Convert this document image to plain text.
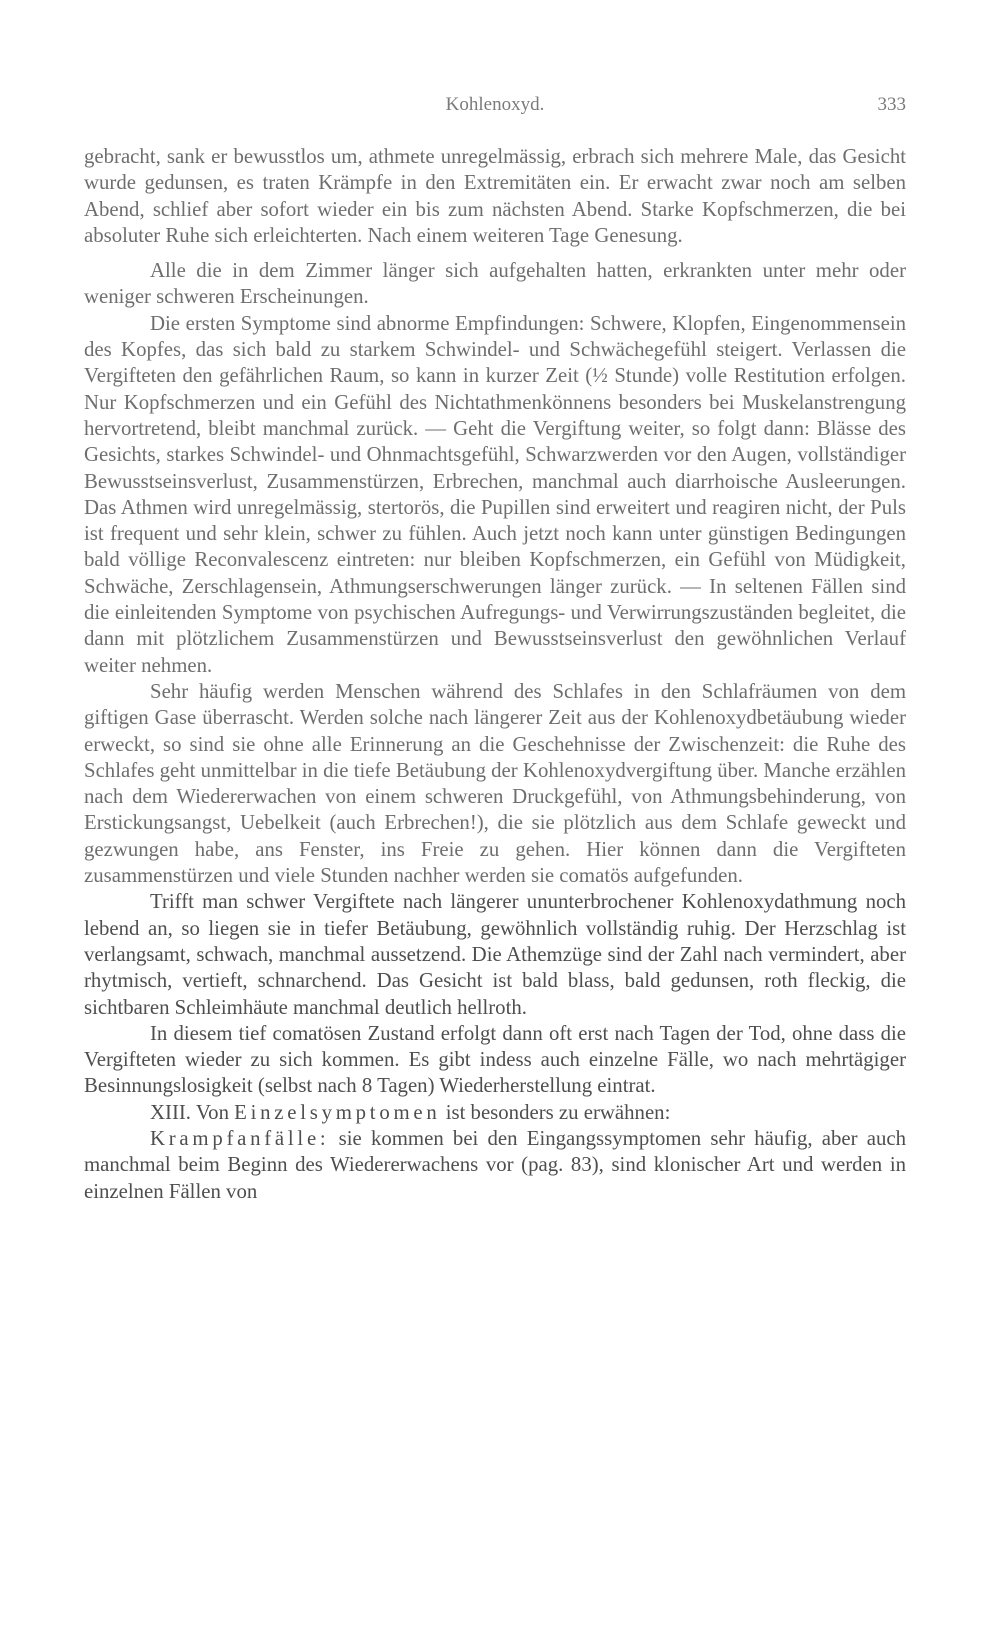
Kohlenoxyd.	333

gebracht, sank er bewusstlos um, athmete unregelmässig, erbrach sich mehrere Male, das Gesicht wurde gedunsen, es traten Krämpfe in den Extremitäten ein. Er erwacht zwar noch am selben Abend, schlief aber sofort wieder ein bis zum nächsten Abend. Starke Kopfschmerzen, die bei absoluter Ruhe sich erleichterten. Nach einem weiteren Tage Genesung.

Alle die in dem Zimmer länger sich aufgehalten hatten, erkrankten unter mehr oder weniger schweren Erscheinungen.

Die ersten Symptome sind abnorme Empfindungen: Schwere, Klopfen, Eingenommensein des Kopfes, das sich bald zu starkem Schwindel- und Schwächegefühl steigert. Verlassen die Vergifteten den gefährlichen Raum, so kann in kurzer Zeit (½ Stunde) volle Restitution erfolgen. Nur Kopfschmerzen und ein Gefühl des Nichtathmenkönnens besonders bei Muskelanstrengung hervortretend, bleibt manchmal zurück. — Geht die Vergiftung weiter, so folgt dann: Blässe des Gesichts, starkes Schwindel- und Ohnmachtsgefühl, Schwarzwerden vor den Augen, vollständiger Bewusstseinsverlust, Zusammenstürzen, Erbrechen, manchmal auch diarrhoische Ausleerungen. Das Athmen wird unregelmässig, stertorös, die Pupillen sind erweitert und reagiren nicht, der Puls ist frequent und sehr klein, schwer zu fühlen. Auch jetzt noch kann unter günstigen Bedingungen bald völlige Reconvalescenz eintreten: nur bleiben Kopfschmerzen, ein Gefühl von Müdigkeit, Schwäche, Zerschlagensein, Athmungserschwerungen länger zurück. — In seltenen Fällen sind die einleitenden Symptome von psychischen Aufregungs- und Verwirrungszuständen begleitet, die dann mit plötzlichem Zusammenstürzen und Bewusstseinsverlust den gewöhnlichen Verlauf weiter nehmen.

Sehr häufig werden Menschen während des Schlafes in den Schlafräumen von dem giftigen Gase überrascht. Werden solche nach längerer Zeit aus der Kohlenoxydbetäubung wieder erweckt, so sind sie ohne alle Erinnerung an die Geschehnisse der Zwischenzeit: die Ruhe des Schlafes geht unmittelbar in die tiefe Betäubung der Kohlenoxydvergiftung über. Manche erzählen nach dem Wiedererwachen von einem schweren Druckgefühl, von Athmungsbehinderung, von Erstickungsangst, Uebelkeit (auch Erbrechen!), die sie plötzlich aus dem Schlafe geweckt und gezwungen habe, ans Fenster, ins Freie zu gehen. Hier können dann die Vergifteten zusammenstürzen und viele Stunden nachher werden sie comatös aufgefunden.

Trifft man schwer Vergiftete nach längerer ununterbrochener Kohlenoxydathmung noch lebend an, so liegen sie in tiefer Betäubung, gewöhnlich vollständig ruhig. Der Herzschlag ist verlangsamt, schwach, manchmal aussetzend. Die Athemzüge sind der Zahl nach vermindert, aber rhytmisch, vertieft, schnarchend. Das Gesicht ist bald blass, bald gedunsen, roth fleckig, die sichtbaren Schleimhäute manchmal deutlich hellroth.

In diesem tief comatösen Zustand erfolgt dann oft erst nach Tagen der Tod, ohne dass die Vergifteten wieder zu sich kommen. Es gibt indess auch einzelne Fälle, wo nach mehrtägiger Besinnungslosigkeit (selbst nach 8 Tagen) Wiederherstellung eintrat.

XIII. Von Einzelsymptomen ist besonders zu erwähnen:

Krampfanfälle: sie kommen bei den Eingangssymptomen sehr häufig, aber auch manchmal beim Beginn des Wiedererwachens vor (pag. 83), sind klonischer Art und werden in einzelnen Fällen von
